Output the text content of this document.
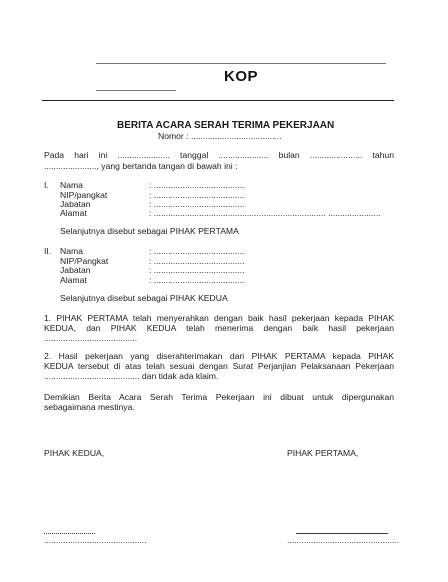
KOP
BERITA ACARA SERAH TERIMA PEKERJAAN
Nomor : ......................................
Pada hari ini ...................... tanggal ..................... bulan ...................... tahun
......................, yang bertanda tangan di bawah ini :
I. Nama	: ......................................
NIP/pangkat	: ......................................
Jabatan	: ......................................
Alamat	: ........................................................................ ......................
Selanjutnya disebut sebagai PIHAK PERTAMA
II. Nama	: ......................................
NIP/Pangkat	: ......................................
Jabatan	: ......................................
Alamat	: ......................................
Selanjutnya disebut sebagai PIHAK KEDUA
1. PIHAK PERTAMA telah menyerahkan dengan baik hasil pekerjaan kepada PIHAK
KEDUA, dan PIHAK KEDUA telah menerima dengan baik hasil pekerjaan
.......................................
2. Hasil pekerjaan yang diserahterimakan dari PIHAK PERTAMA kepada PIHAK
KEDUA tersebut di atas telah sesuai dengan Surat Perjanjian Pelaksanaan Pekerjaan
........................................ dan tidak ada klaim.
Demikian Berita Acara Serah Terima Pekerjaan ini dibuat untuk dipergunakan
sebagaimana mestinya.
PIHAK KEDUA,	PIHAK PERTAMA,
...........................................	...............................................
